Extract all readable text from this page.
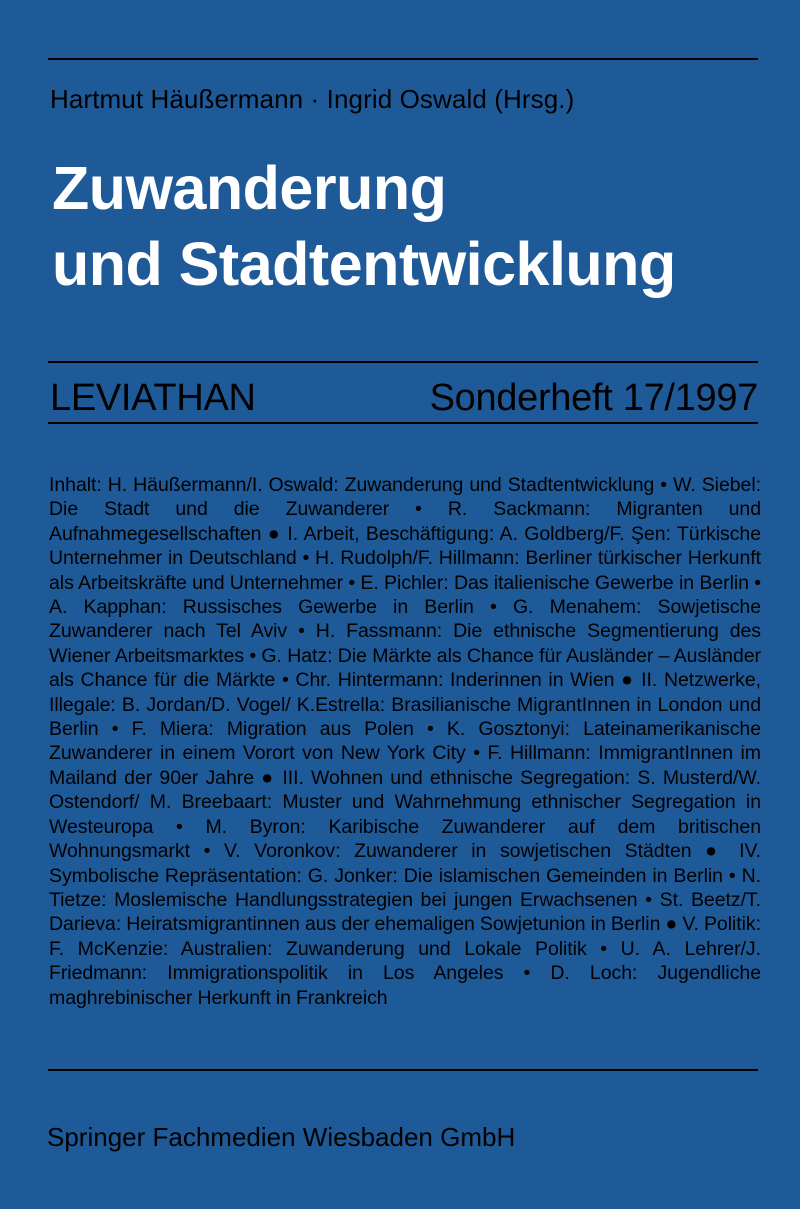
Hartmut Häußermann · Ingrid Oswald (Hrsg.)
Zuwanderung
und Stadtentwicklung
LEVIATHAN	Sonderheft 17/1997
Inhalt: H. Häußermann/I. Oswald: Zuwanderung und Stadtentwicklung • W. Siebel: Die Stadt und die Zuwanderer • R. Sackmann: Migranten und Aufnahmegesellschaften ● I. Arbeit, Beschäftigung: A. Goldberg/F. Şen: Türkische Unternehmer in Deutschland • H. Rudolph/F. Hillmann: Berliner türkischer Herkunft als Arbeitskräfte und Unternehmer • E. Pichler: Das italienische Gewerbe in Berlin • A. Kapphan: Russisches Gewerbe in Berlin • G. Menahem: Sowjetische Zuwanderer nach Tel Aviv • H. Fassmann: Die ethnische Segmentierung des Wiener Arbeitsmarktes • G. Hatz: Die Märkte als Chance für Ausländer – Ausländer als Chance für die Märkte • Chr. Hintermann: Inderinnen in Wien ● II. Netzwerke, Illegale: B. Jordan/D. Vogel/ K.Estrella: Brasilianische MigrantInnen in London und Berlin • F. Miera: Migration aus Polen • K. Gosztonyi: Lateinamerikanische Zuwanderer in einem Vorort von New York City • F. Hillmann: ImmigrantInnen im Mailand der 90er Jahre ● III. Wohnen und ethnische Segregation: S. Musterd/W. Ostendorf/ M. Breebaart: Muster und Wahrnehmung ethnischer Segregation in Westeuropa • M. Byron: Karibische Zuwanderer auf dem britischen Wohnungsmarkt • V. Voronkov: Zuwanderer in sowjetischen Städten ● IV. Symbolische Repräsentation: G. Jonker: Die islamischen Gemeinden in Berlin • N. Tietze: Moslemische Handlungsstrategien bei jungen Erwachsenen • St. Beetz/T. Darieva: Heiratsmigrantinnen aus der ehemaligen Sowjetunion in Berlin ● V. Politik: F. McKenzie: Australien: Zuwanderung und Lokale Politik • U. A. Lehrer/J. Friedmann: Immigrationspolitik in Los Angeles • D. Loch: Jugendliche maghrebinischer Herkunft in Frankreich
Springer Fachmedien Wiesbaden GmbH
